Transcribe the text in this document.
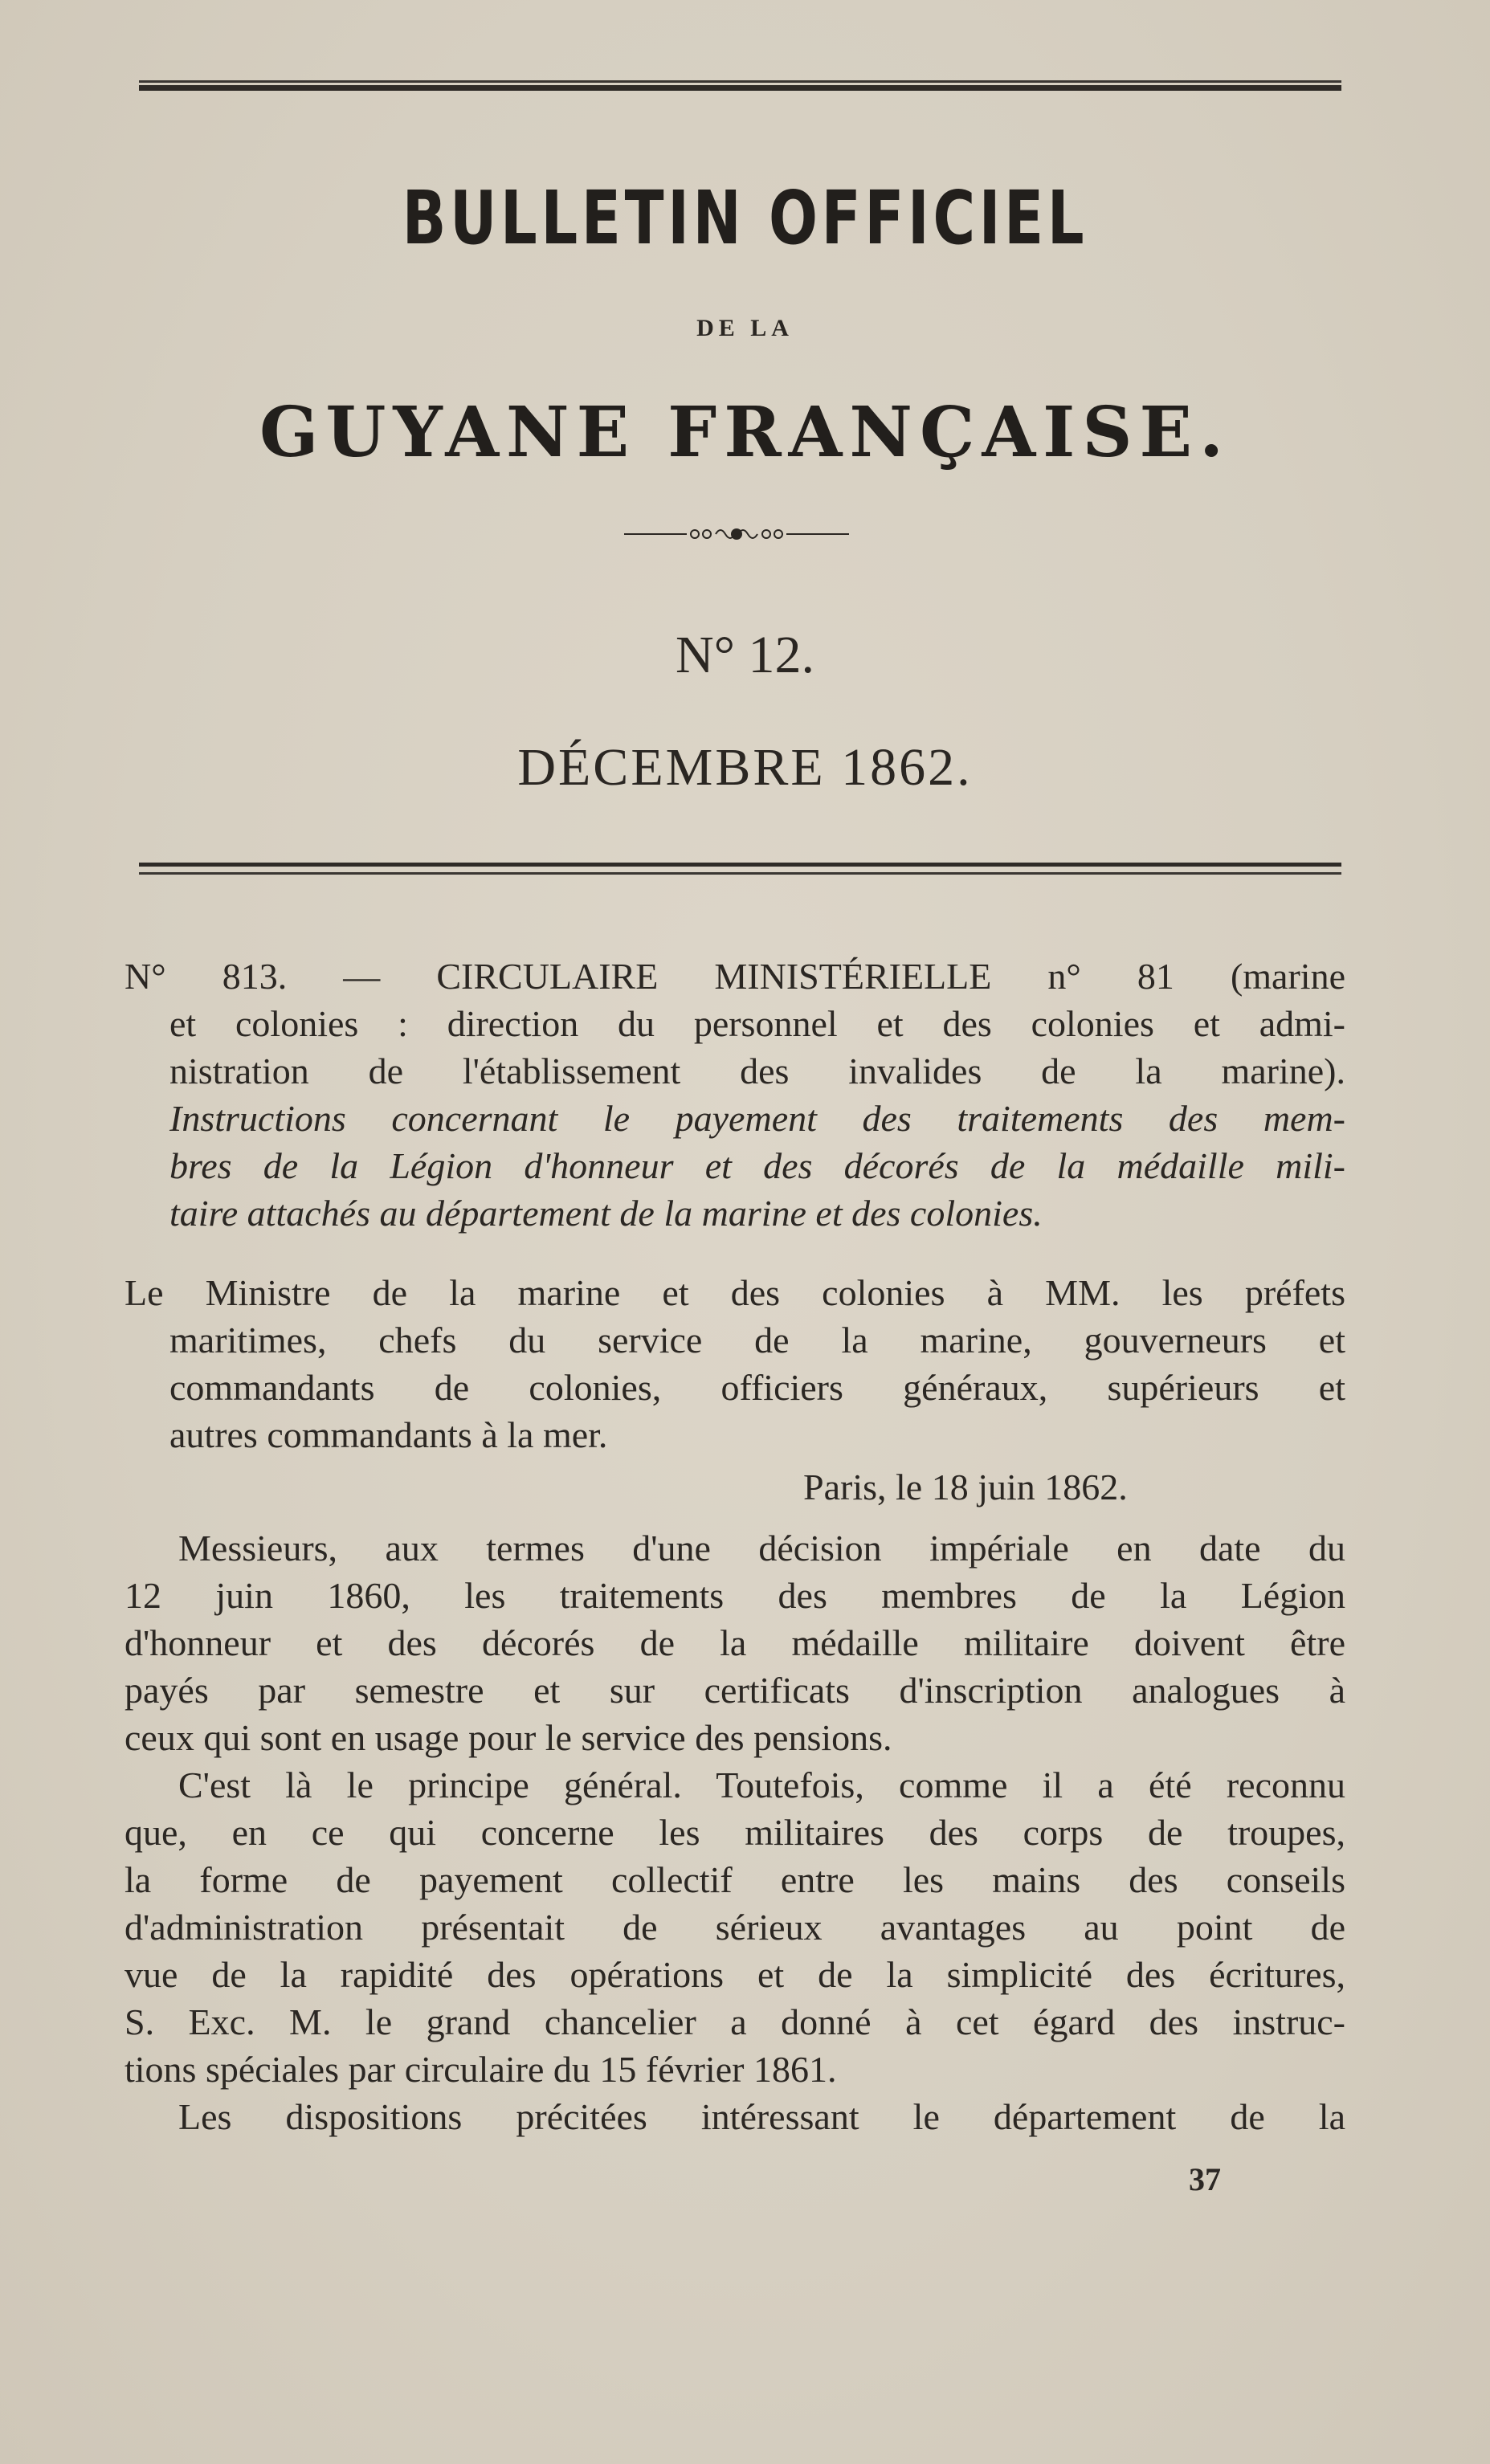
BULLETIN OFFICIEL
DE LA
GUYANE FRANÇAISE.
N° 12.
DÉCEMBRE 1862.
N° 813. — CIRCULAIRE MINISTÉRIELLE n° 81 (marine
et colonies : direction du personnel et des colonies et admi-
nistration de l'établissement des invalides de la marine).
Instructions concernant le payement des traitements des mem-
bres de la Légion d'honneur et des décorés de la médaille mili-
taire attachés au département de la marine et des colonies.
Le Ministre de la marine et des colonies à MM. les préfets
maritimes, chefs du service de la marine, gouverneurs et
commandants de colonies, officiers généraux, supérieurs et
autres commandants à la mer.
Paris, le 18 juin 1862.
Messieurs, aux termes d'une décision impériale en date du
12 juin 1860, les traitements des membres de la Légion
d'honneur et des décorés de la médaille militaire doivent être
payés par semestre et sur certificats d'inscription analogues à
ceux qui sont en usage pour le service des pensions.
C'est là le principe général. Toutefois, comme il a été reconnu
que, en ce qui concerne les militaires des corps de troupes,
la forme de payement collectif entre les mains des conseils
d'administration présentait de sérieux avantages au point de
vue de la rapidité des opérations et de la simplicité des écritures,
S. Exc. M. le grand chancelier a donné à cet égard des instruc-
tions spéciales par circulaire du 15 février 1861.
Les dispositions précitées intéressant le département de la
37
